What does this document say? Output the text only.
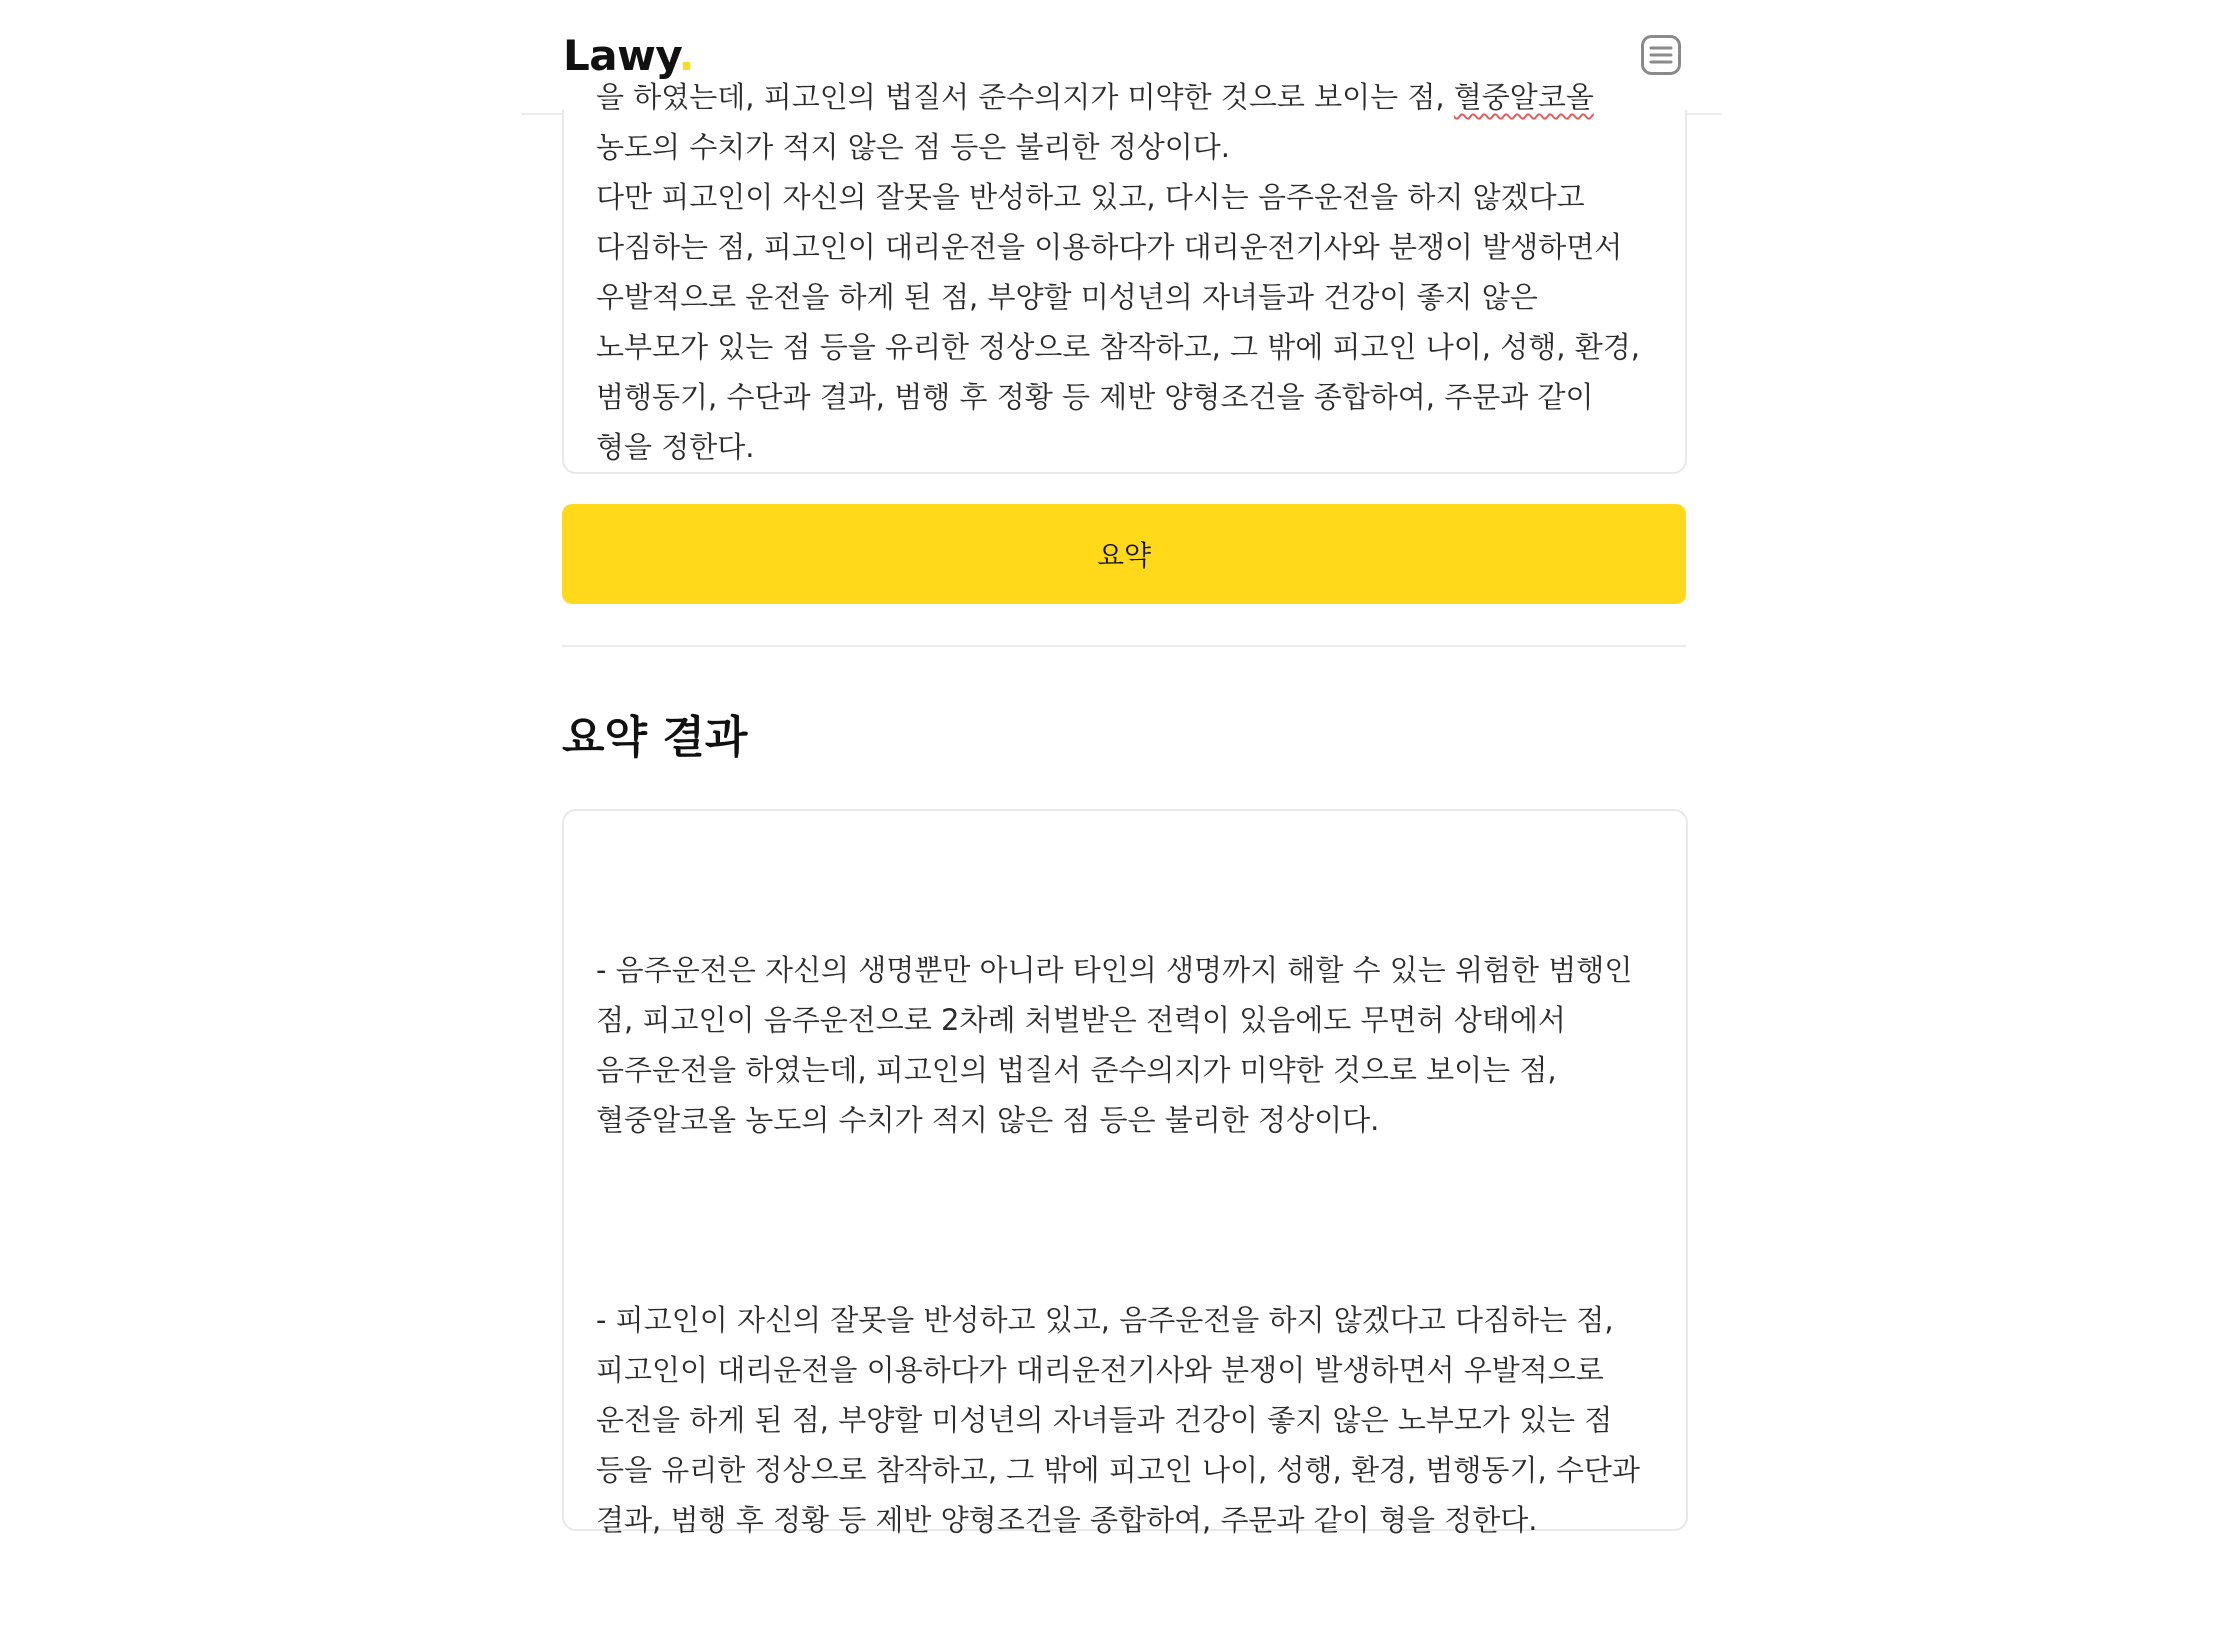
Lawy.

을 하였는데, 피고인의 법질서 준수의지가 미약한 것으로 보이는 점, 혈중알코올 농도의 수치가 적지 않은 점 등은 불리한 정상이다.
다만 피고인이 자신의 잘못을 반성하고 있고, 다시는 음주운전을 하지 않겠다고 다짐하는 점, 피고인이 대리운전을 이용하다가 대리운전기사와 분쟁이 발생하면서 우발적으로 운전을 하게 된 점, 부양할 미성년의 자녀들과 건강이 좋지 않은 노부모가 있는 점 등을 유리한 정상으로 참작하고, 그 밖에 피고인 나이, 성행, 환경, 범행동기, 수단과 결과, 범행 후 정황 등 제반 양형조건을 종합하여, 주문과 같이 형을 정한다.

요약
요약 결과

- 음주운전은 자신의 생명뿐만 아니라 타인의 생명까지 해할 수 있는 위험한 범행인 점, 피고인이 음주운전으로 2차례 처벌받은 전력이 있음에도 무면허 상태에서 음주운전을 하였는데, 피고인의 법질서 준수의지가 미약한 것으로 보이는 점, 혈중알코올 농도의 수치가 적지 않은 점 등은 불리한 정상이다.

- 피고인이 자신의 잘못을 반성하고 있고, 음주운전을 하지 않겠다고 다짐하는 점, 피고인이 대리운전을 이용하다가 대리운전기사와 분쟁이 발생하면서 우발적으로 운전을 하게 된 점, 부양할 미성년의 자녀들과 건강이 좋지 않은 노부모가 있는 점 등을 유리한 정상으로 참작하고, 그 밖에 피고인 나이, 성행, 환경, 범행동기, 수단과 결과, 범행 후 정황 등 제반 양형조건을 종합하여, 주문과 같이 형을 정한다.
